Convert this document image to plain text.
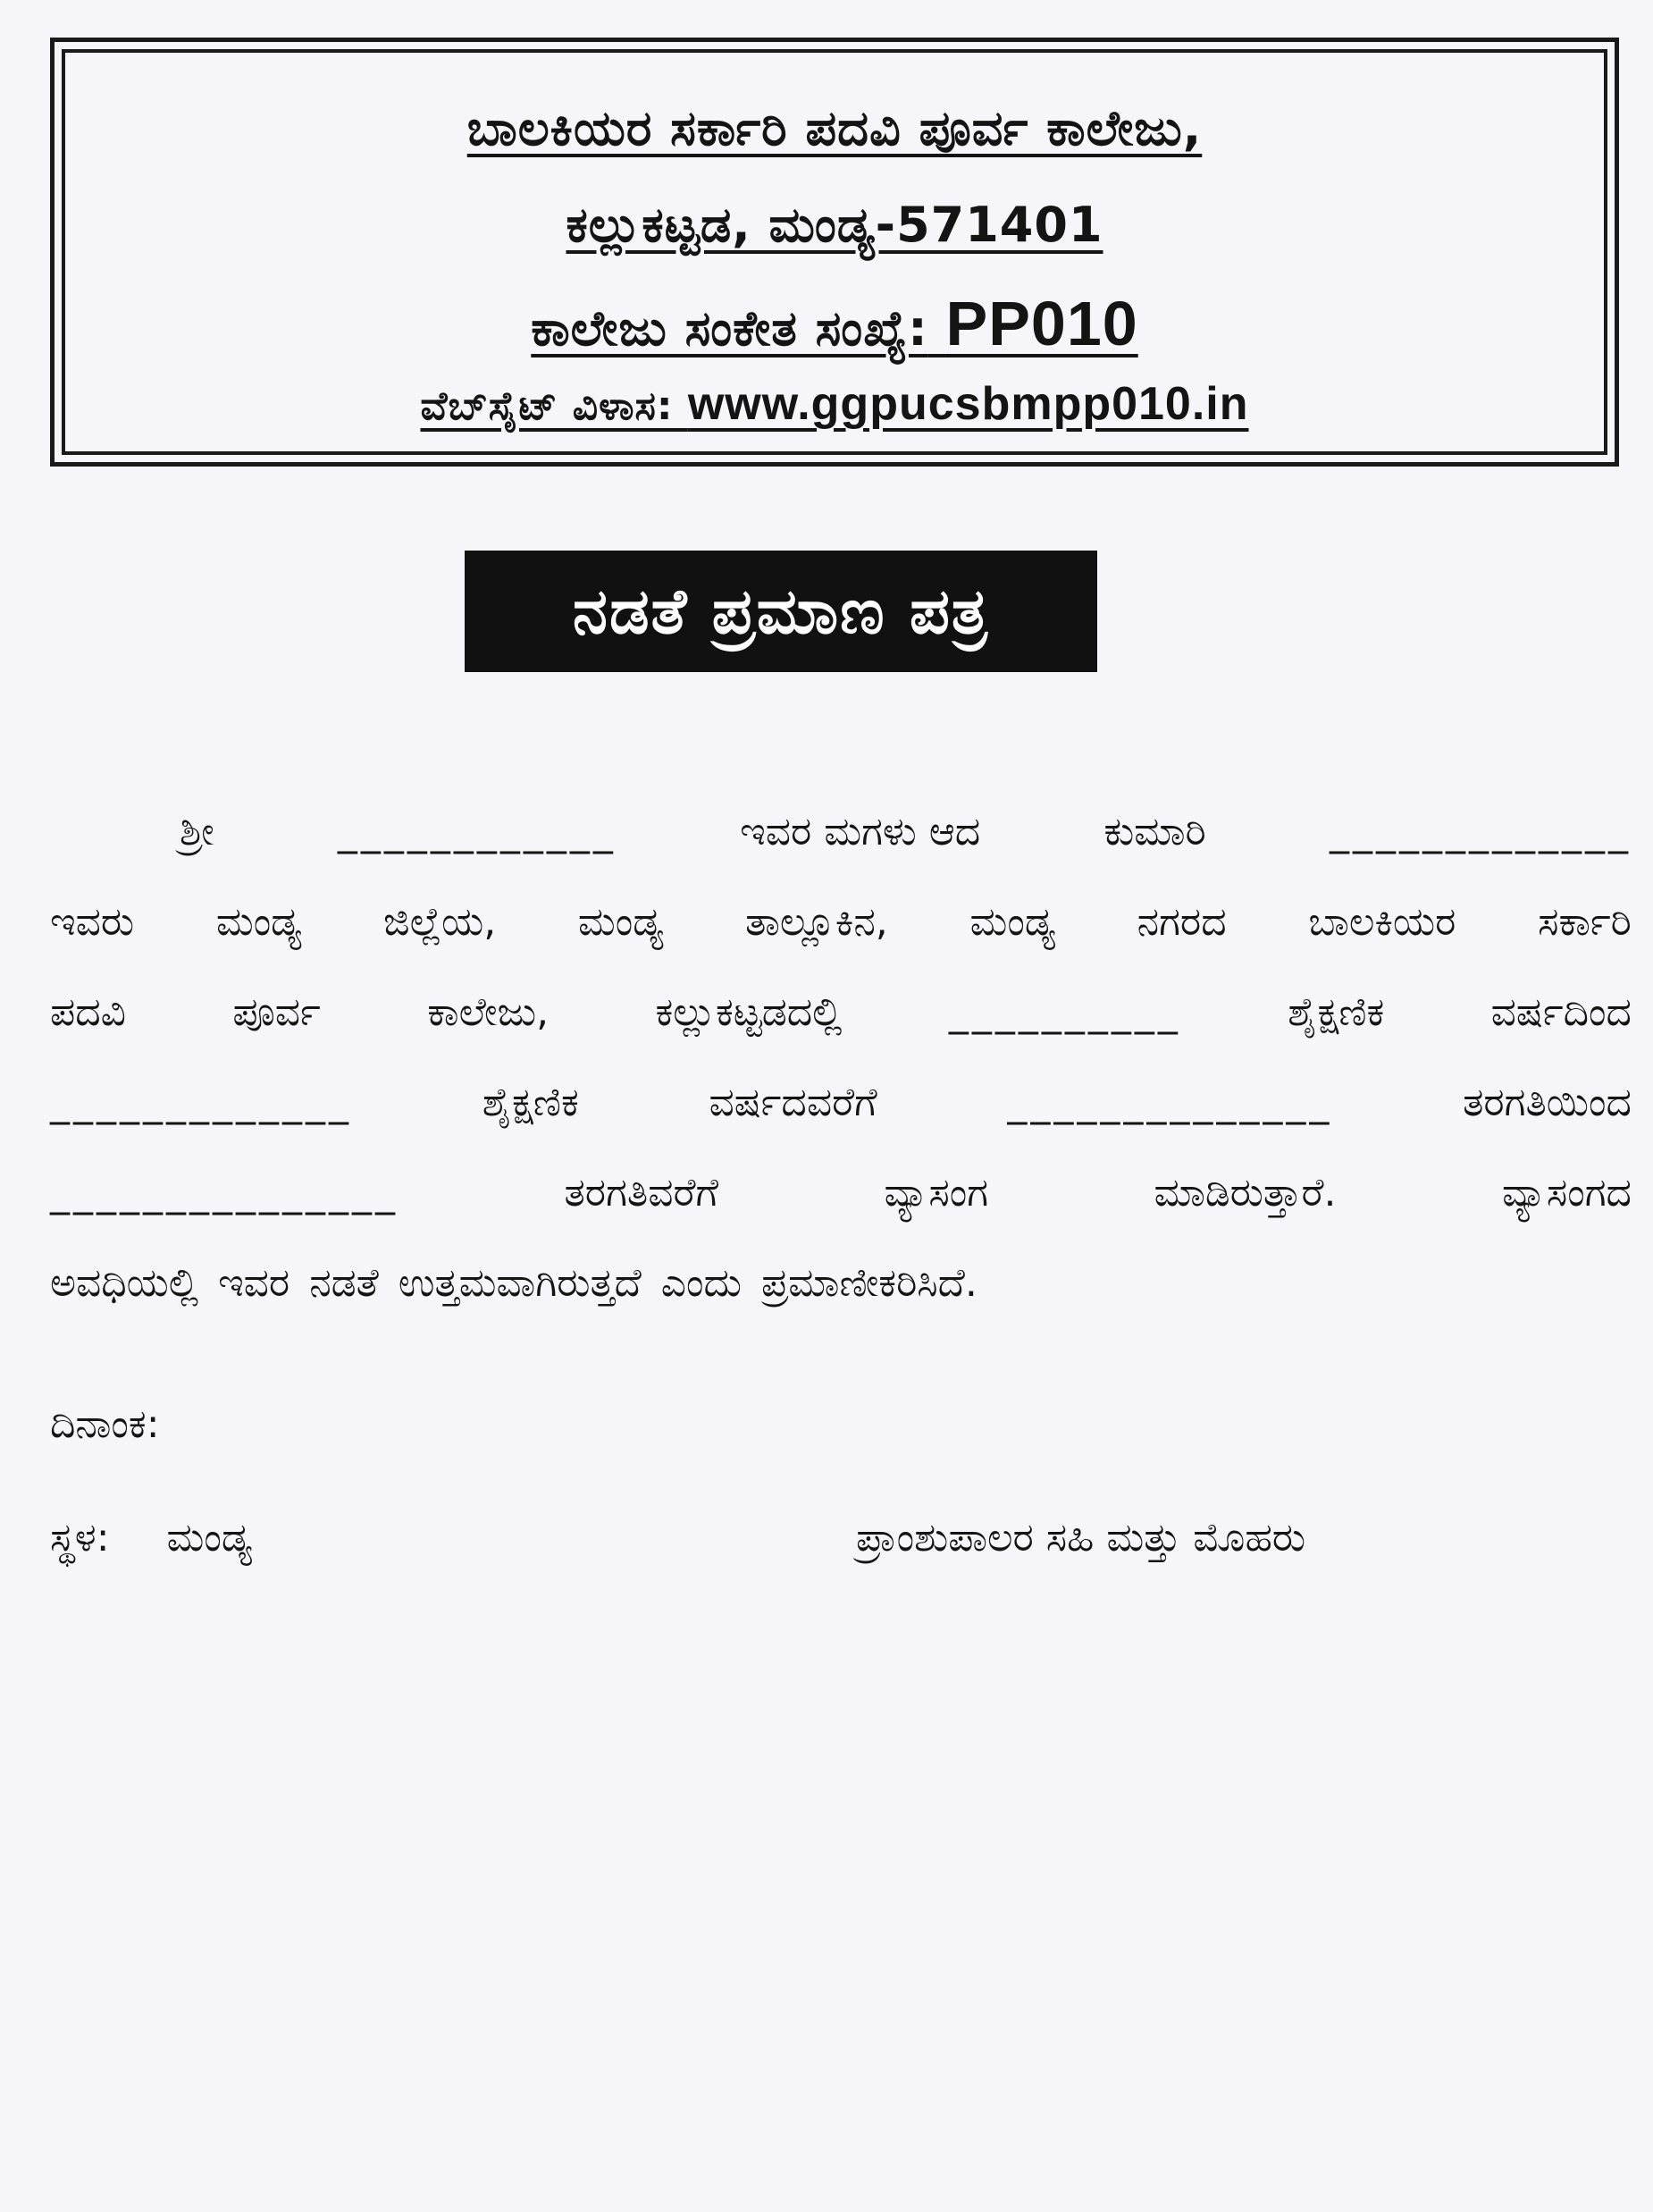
ಬಾಲಕಿಯರ ಸರ್ಕಾರಿ ಪದವಿ ಪೂರ್ವ ಕಾಲೇಜು,
ಕಲ್ಲುಕಟ್ಟಡ, ಮಂಡ್ಯ-571401
ಕಾಲೇಜು ಸಂಕೇತ ಸಂಖ್ಯೆ: PP010
ವೆಬ್‌ಸೈಟ್ ವಿಳಾಸ: www.ggpucsbmpp010.in
ನಡತೆ ಪ್ರಮಾಣ ಪತ್ರ
ಶ್ರೀ	____________	ಇವರ ಮಗಳು ಆದ	ಕುಮಾರಿ	_____________
ಇವರು ಮಂಡ್ಯ ಜಿಲ್ಲೆಯ, ಮಂಡ್ಯ ತಾಲ್ಲೂಕಿನ, ಮಂಡ್ಯ ನಗರದ ಬಾಲಕಿಯರ ಸರ್ಕಾರಿ
ಪದವಿ	ಪೂರ್ವ	ಕಾಲೇಜು,	ಕಲ್ಲುಕಟ್ಟಡದಲ್ಲಿ	__________	ಶೈಕ್ಷಣಿಕ	ವರ್ಷದಿಂದ
_____________	ಶೈಕ್ಷಣಿಕ	ವರ್ಷದವರೆಗೆ	______________	ತರಗತಿಯಿಂದ
_______________	ತರಗತಿವರೆಗೆ	ವ್ಯಾಸಂಗ	ಮಾಡಿರುತ್ತಾರೆ.	ವ್ಯಾಸಂಗದ
ಅವಧಿಯಲ್ಲಿ ಇವರ ನಡತೆ ಉತ್ತಮವಾಗಿರುತ್ತದೆ ಎಂದು ಪ್ರಮಾಣೀಕರಿಸಿದೆ.
ದಿನಾಂಕ:
ಸ್ಥಳ: ಮಂಡ್ಯ	ಪ್ರಾಂಶುಪಾಲರ ಸಹಿ ಮತ್ತು ಮೊಹರು
